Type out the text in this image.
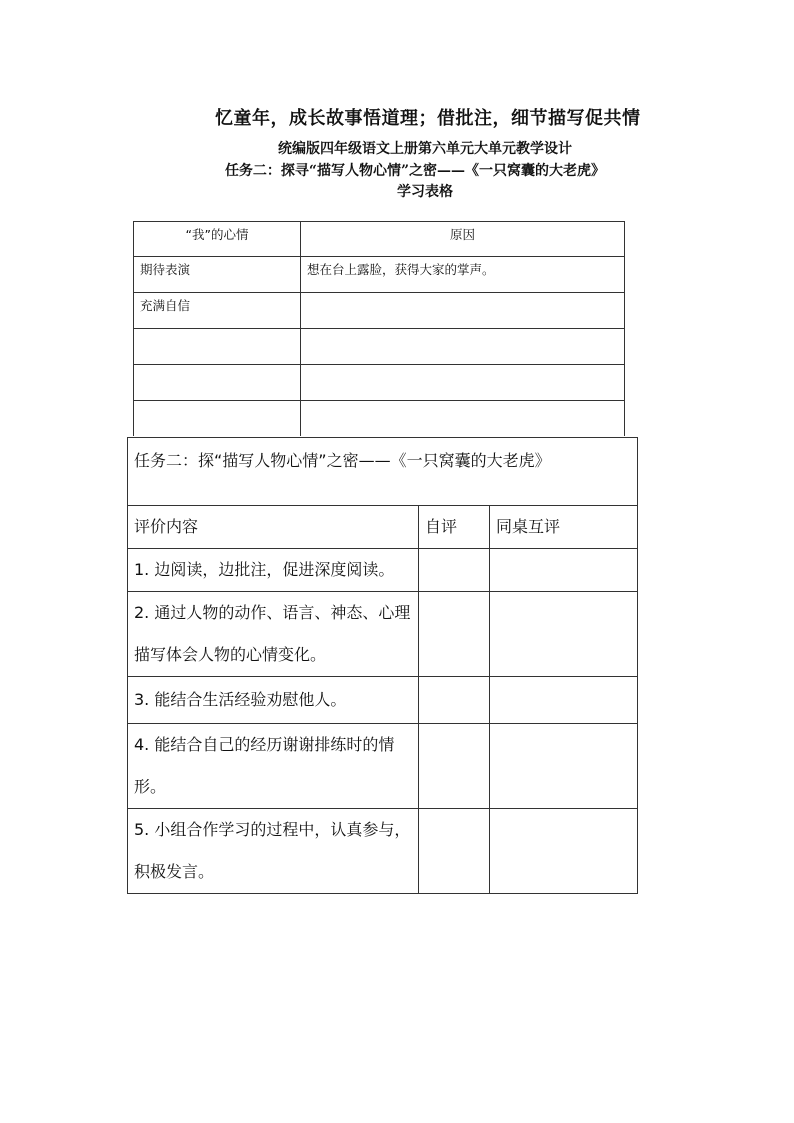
忆童年，成长故事悟道理；借批注，细节描写促共情
统编版四年级语文上册第六单元大单元教学设计
任务二：探寻“描写人物心情”之密——《一只窝囊的大老虎》
学习表格
“我”的心情	原因
期待表演	想在台上露脸，获得大家的掌声。
充满自信	

任务二：探“描写人物心情”之密——《一只窝囊的大老虎》		
评价内容	自评	同桌互评
1. 边阅读，边批注，促进深度阅读。		
2. 通过人物的动作、语言、神态、心理描写体会人物的心情变化。		
3. 能结合生活经验劝慰他人。		
4. 能结合自己的经历谢谢排练时的情形。		
5. 小组合作学习的过程中，认真参与，积极发言。		
